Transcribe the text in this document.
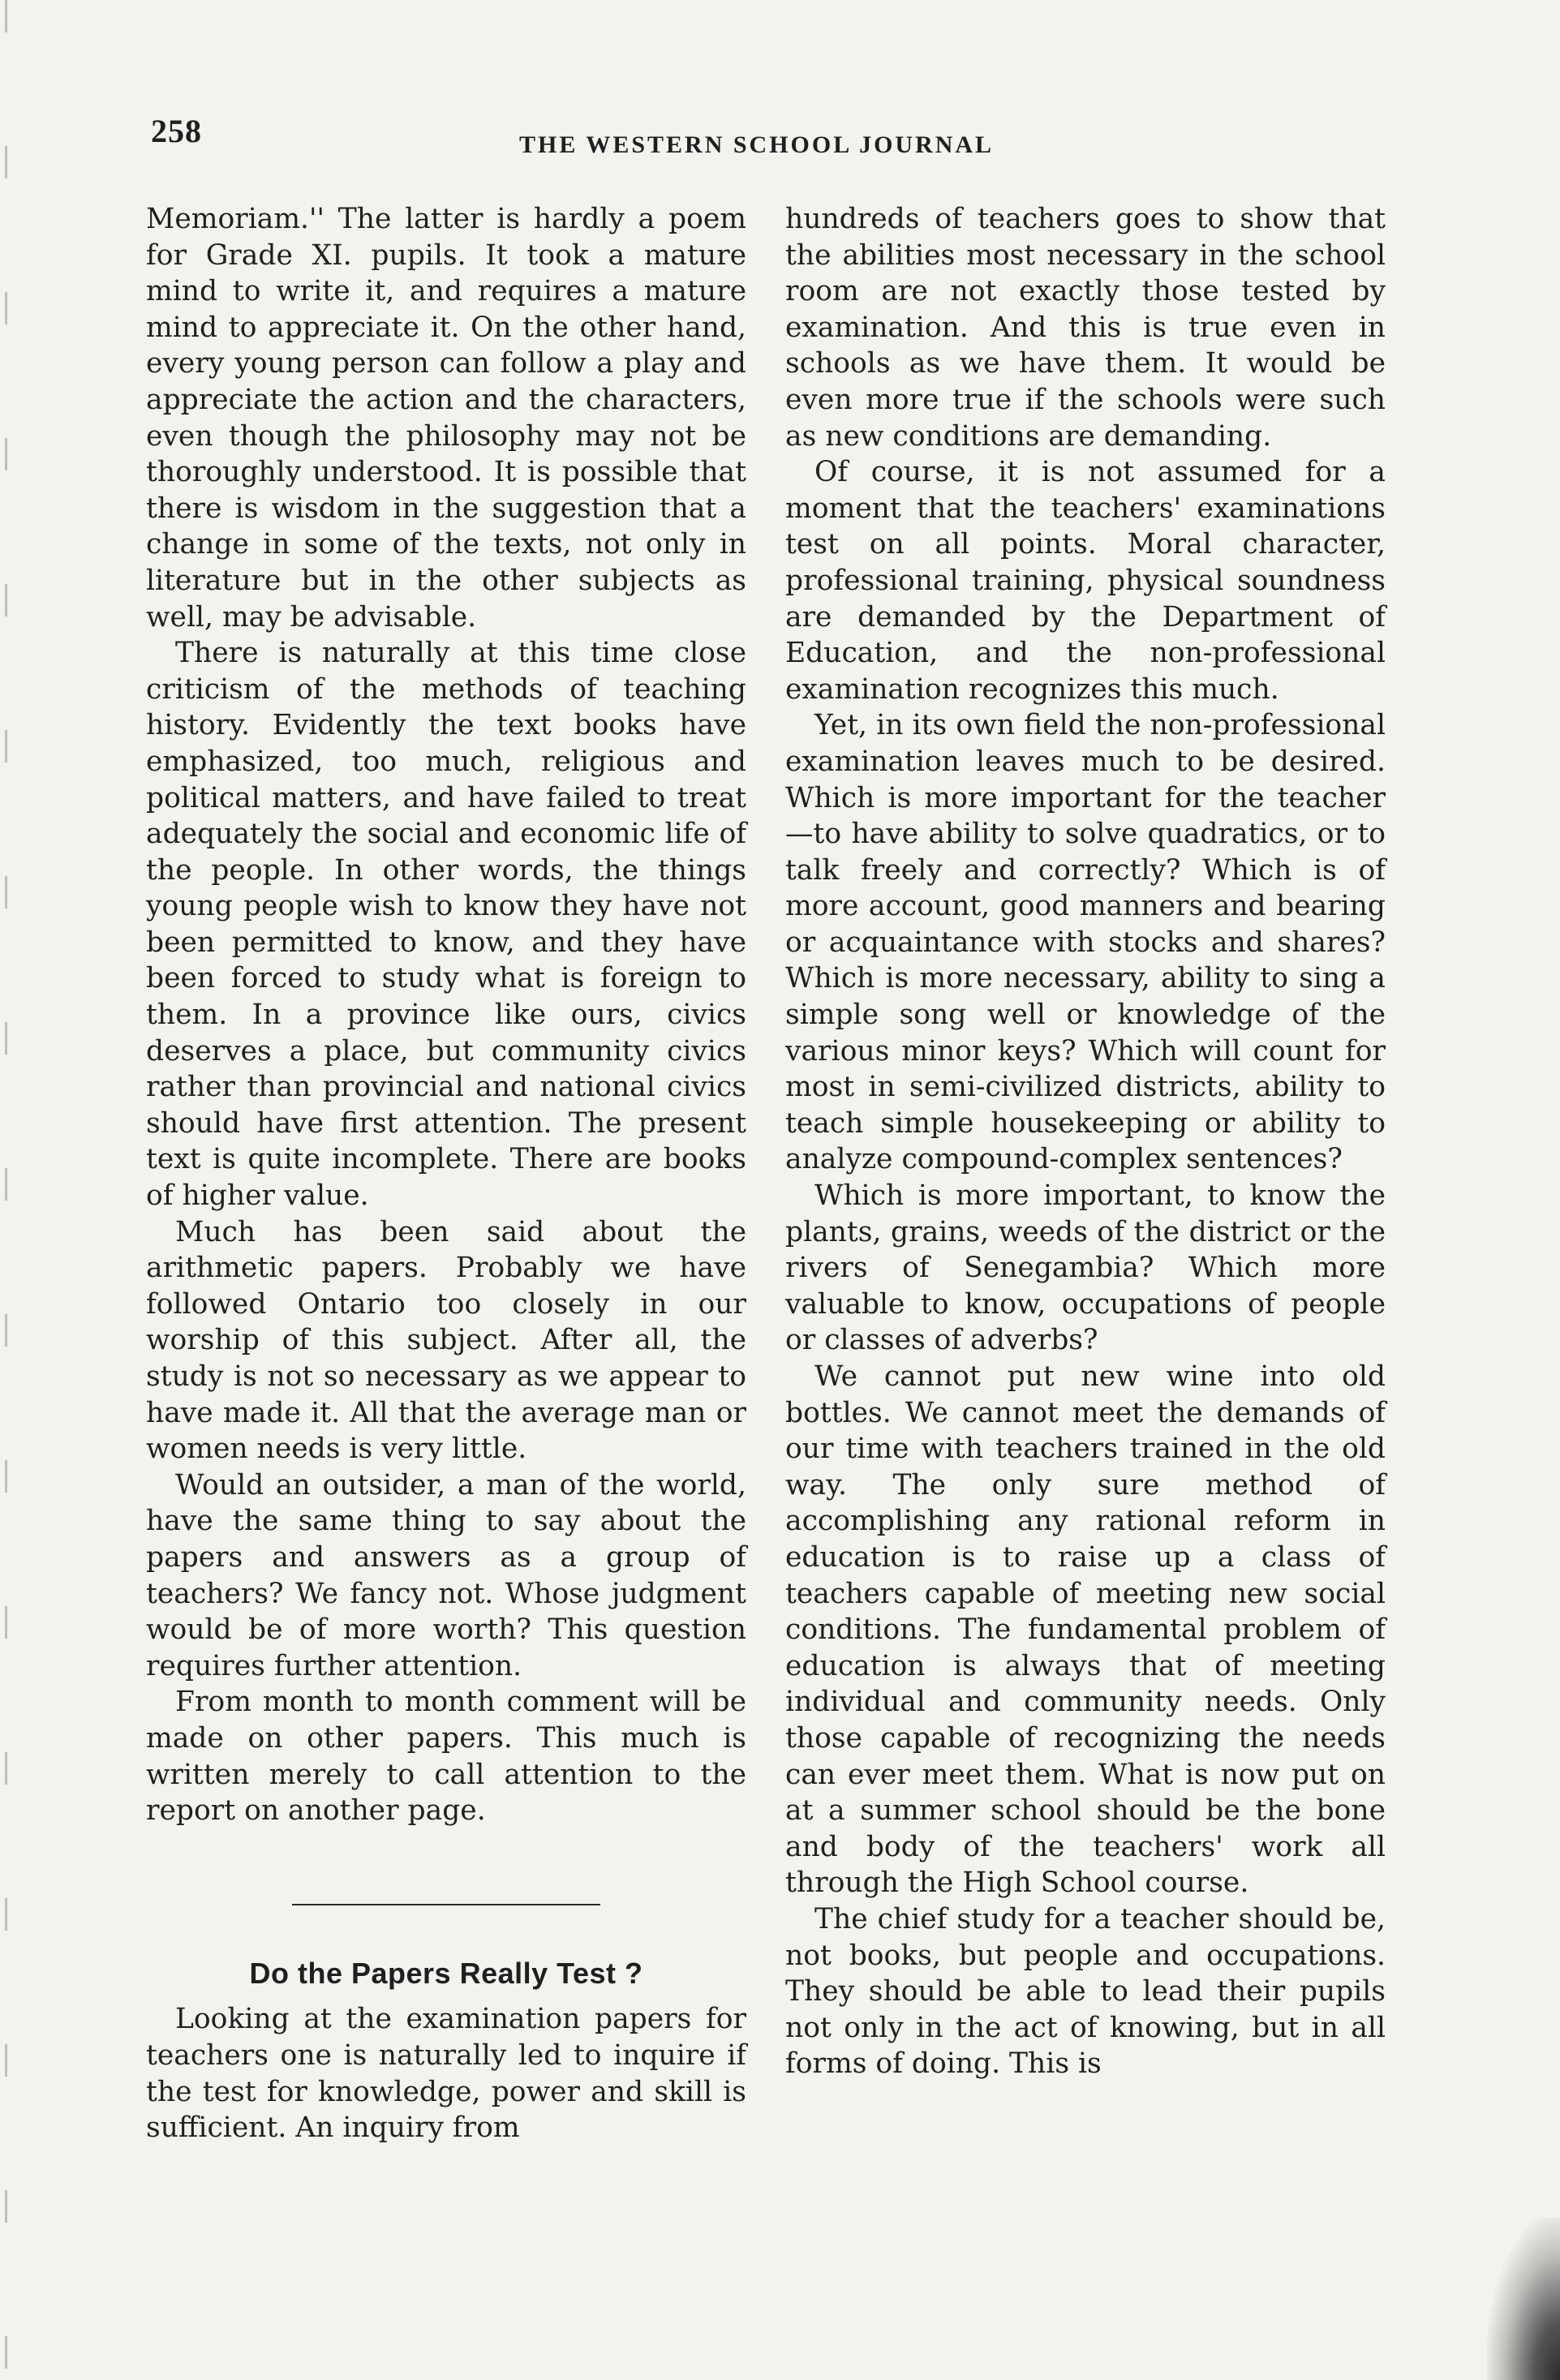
258	THE WESTERN SCHOOL JOURNAL

Memoriam.'' The latter is hardly a poem for Grade XI. pupils. It took a mature mind to write it, and requires a mature mind to appreciate it. On the other hand, every young person can follow a play and appreciate the action and the characters, even though the philosophy may not be thoroughly understood. It is possible that there is wisdom in the suggestion that a change in some of the texts, not only in literature but in the other subjects as well, may be advisable.

There is naturally at this time close criticism of the methods of teaching history. Evidently the text books have emphasized, too much, religious and political matters, and have failed to treat adequately the social and economic life of the people. In other words, the things young people wish to know they have not been permitted to know, and they have been forced to study what is foreign to them. In a province like ours, civics deserves a place, but community civics rather than provincial and national civics should have first attention. The present text is quite incomplete. There are books of higher value.

Much has been said about the arithmetic papers. Probably we have followed Ontario too closely in our worship of this subject. After all, the study is not so necessary as we appear to have made it. All that the average man or women needs is very little.

Would an outsider, a man of the world, have the same thing to say about the papers and answers as a group of teachers? We fancy not. Whose judgment would be of more worth? This question requires further attention.

From month to month comment will be made on other papers. This much is written merely to call attention to the report on another page.

Do the Papers Really Test ?

Looking at the examination papers for teachers one is naturally led to inquire if the test for knowledge, power and skill is sufficient. An inquiry from

hundreds of teachers goes to show that the abilities most necessary in the school room are not exactly those tested by examination. And this is true even in schools as we have them. It would be even more true if the schools were such as new conditions are demanding.

Of course, it is not assumed for a moment that the teachers' examinations test on all points. Moral character, professional training, physical soundness are demanded by the Department of Education, and the non-professional examination recognizes this much.

Yet, in its own field the non-professional examination leaves much to be desired. Which is more important for the teacher—to have ability to solve quadratics, or to talk freely and correctly? Which is of more account, good manners and bearing or acquaintance with stocks and shares? Which is more necessary, ability to sing a simple song well or knowledge of the various minor keys? Which will count for most in semi-civilized districts, ability to teach simple housekeeping or ability to analyze compound-complex sentences?

Which is more important, to know the plants, grains, weeds of the district or the rivers of Senegambia? Which more valuable to know, occupations of people or classes of adverbs?

We cannot put new wine into old bottles. We cannot meet the demands of our time with teachers trained in the old way. The only sure method of accomplishing any rational reform in education is to raise up a class of teachers capable of meeting new social conditions. The fundamental problem of education is always that of meeting individual and community needs. Only those capable of recognizing the needs can ever meet them. What is now put on at a summer school should be the bone and body of the teachers' work all through the High School course.

The chief study for a teacher should be, not books, but people and occupations. They should be able to lead their pupils not only in the act of knowing, but in all forms of doing. This is
